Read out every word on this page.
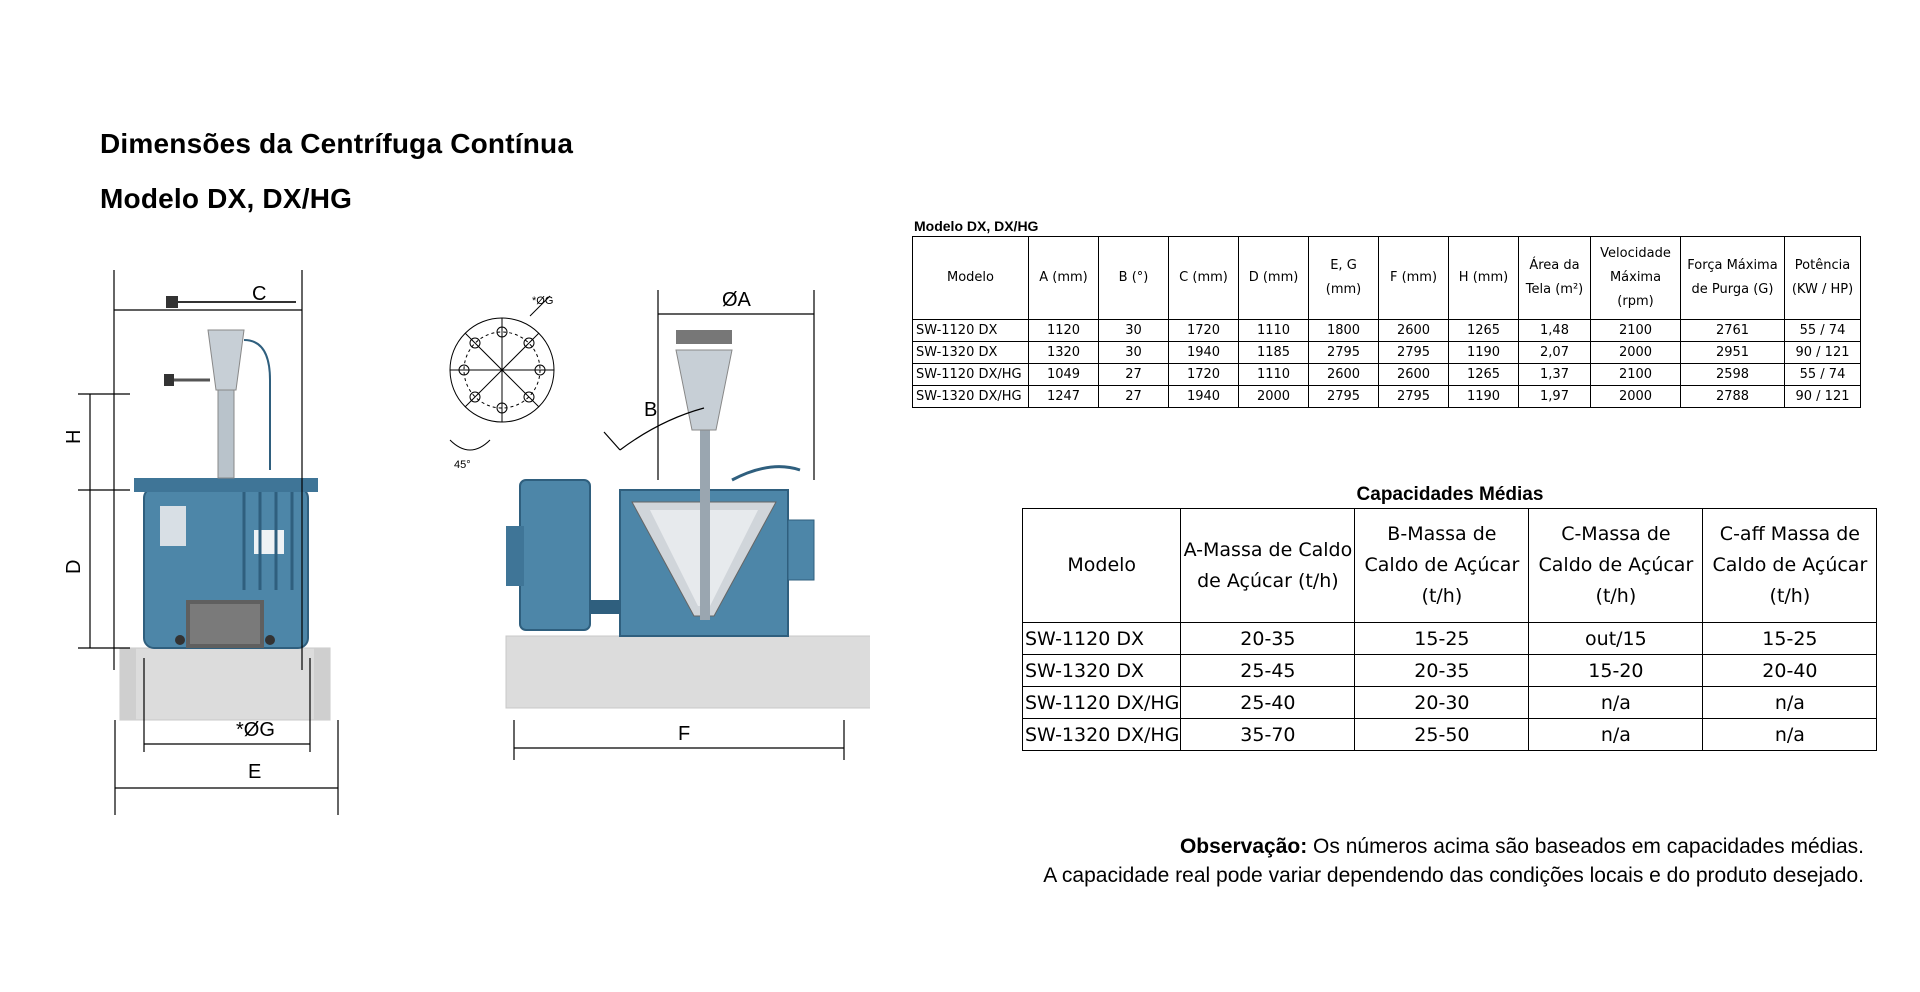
Dimensões da Centrífuga Contínua
Modelo DX, DX/HG
C
H
D
*ØG
E
*ØG
45°
ØA
B
F
Modelo DX, DX/HG
Modelo	A (mm)	B (°)	C (mm)	D (mm)	E, G (mm)	F (mm)	H (mm)	Área da Tela (m²)	Velocidade Máxima (rpm)	Força Máxima de Purga (G)	Potência (KW / HP)
SW-1120 DX	1120	30	1720	1110	1800	2600	1265	1,48	2100	2761	55 / 74
SW-1320 DX	1320	30	1940	1185	2795	2795	1190	2,07	2000	2951	90 / 121
SW-1120 DX/HG	1049	27	1720	1110	2600	2600	1265	1,37	2100	2598	55 / 74
SW-1320 DX/HG	1247	27	1940	2000	2795	2795	1190	1,97	2000	2788	90 / 121
Capacidades Médias
Modelo	A-Massa de Caldo de Açúcar (t/h)	B-Massa de Caldo de Açúcar (t/h)	C-Massa de Caldo de Açúcar (t/h)	C-aff Massa de Caldo de Açúcar (t/h)
SW-1120 DX	20-35	15-25	out/15	15-25
SW-1320 DX	25-45	20-35	15-20	20-40
SW-1120 DX/HG	25-40	20-30	n/a	n/a
SW-1320 DX/HG	35-70	25-50	n/a	n/a
Observação: Os números acima são baseados em capacidades médias.
A capacidade real pode variar dependendo das condições locais e do produto desejado.
